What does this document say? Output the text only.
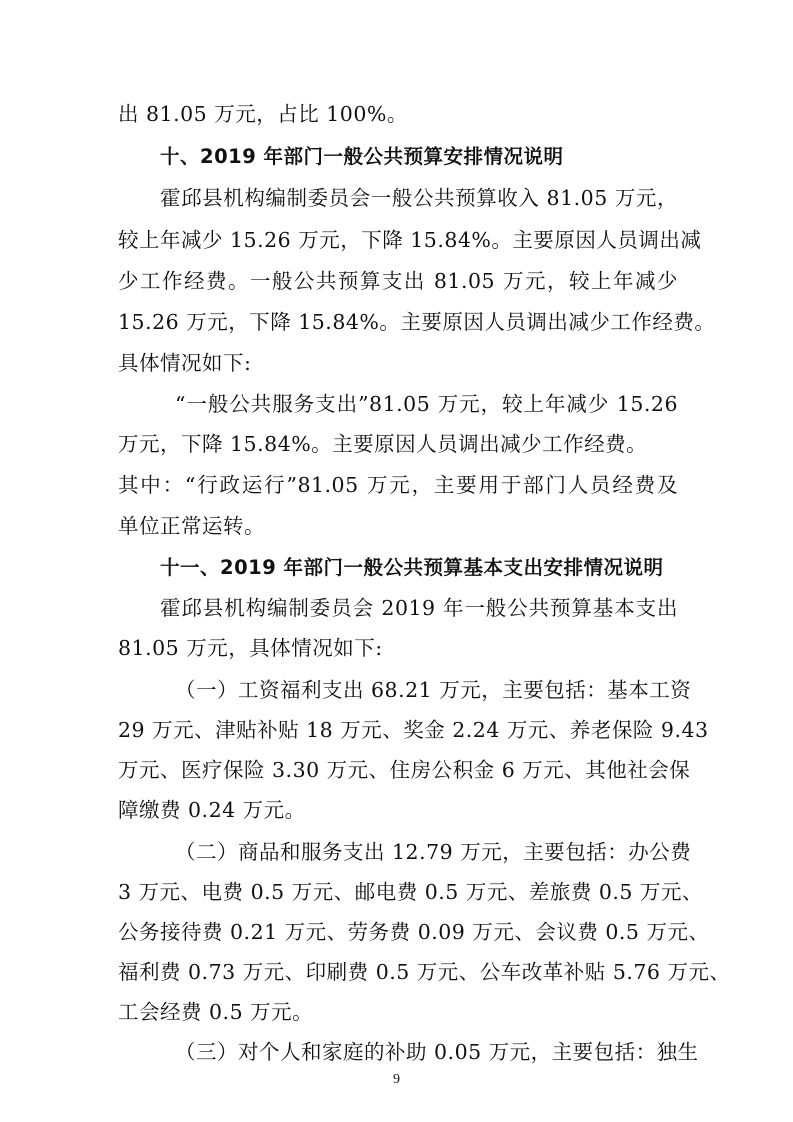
出 81.05 万元，占比 100%。
十、2019 年部门一般公共预算安排情况说明
霍邱县机构编制委员会一般公共预算收入 81.05 万元，
较上年减少 15.26 万元，下降 15.84%。主要原因人员调出减
少工作经费。一般公共预算支出 81.05 万元，较上年减少
15.26 万元，下降 15.84%。主要原因人员调出减少工作经费。
具体情况如下:
“一般公共服务支出”81.05 万元，较上年减少 15.26
万元，下降 15.84%。主要原因人员调出减少工作经费。
其中：“行政运行”81.05 万元，主要用于部门人员经费及
单位正常运转。
十一、2019 年部门一般公共预算基本支出安排情况说明
霍邱县机构编制委员会 2019 年一般公共预算基本支出
81.05 万元，具体情况如下:
（一）工资福利支出 68.21 万元，主要包括：基本工资
29 万元、津贴补贴 18 万元、奖金 2.24 万元、养老保险 9.43
万元、医疗保险 3.30 万元、住房公积金 6 万元、其他社会保
障缴费 0.24 万元。
（二）商品和服务支出 12.79 万元，主要包括：办公费
3 万元、电费 0.5 万元、邮电费 0.5 万元、差旅费 0.5 万元、
公务接待费 0.21 万元、劳务费 0.09 万元、会议费 0.5 万元、
福利费 0.73 万元、印刷费 0.5 万元、公车改革补贴 5.76 万元、
工会经费 0.5 万元。
（三）对个人和家庭的补助 0.05 万元，主要包括：独生
9
